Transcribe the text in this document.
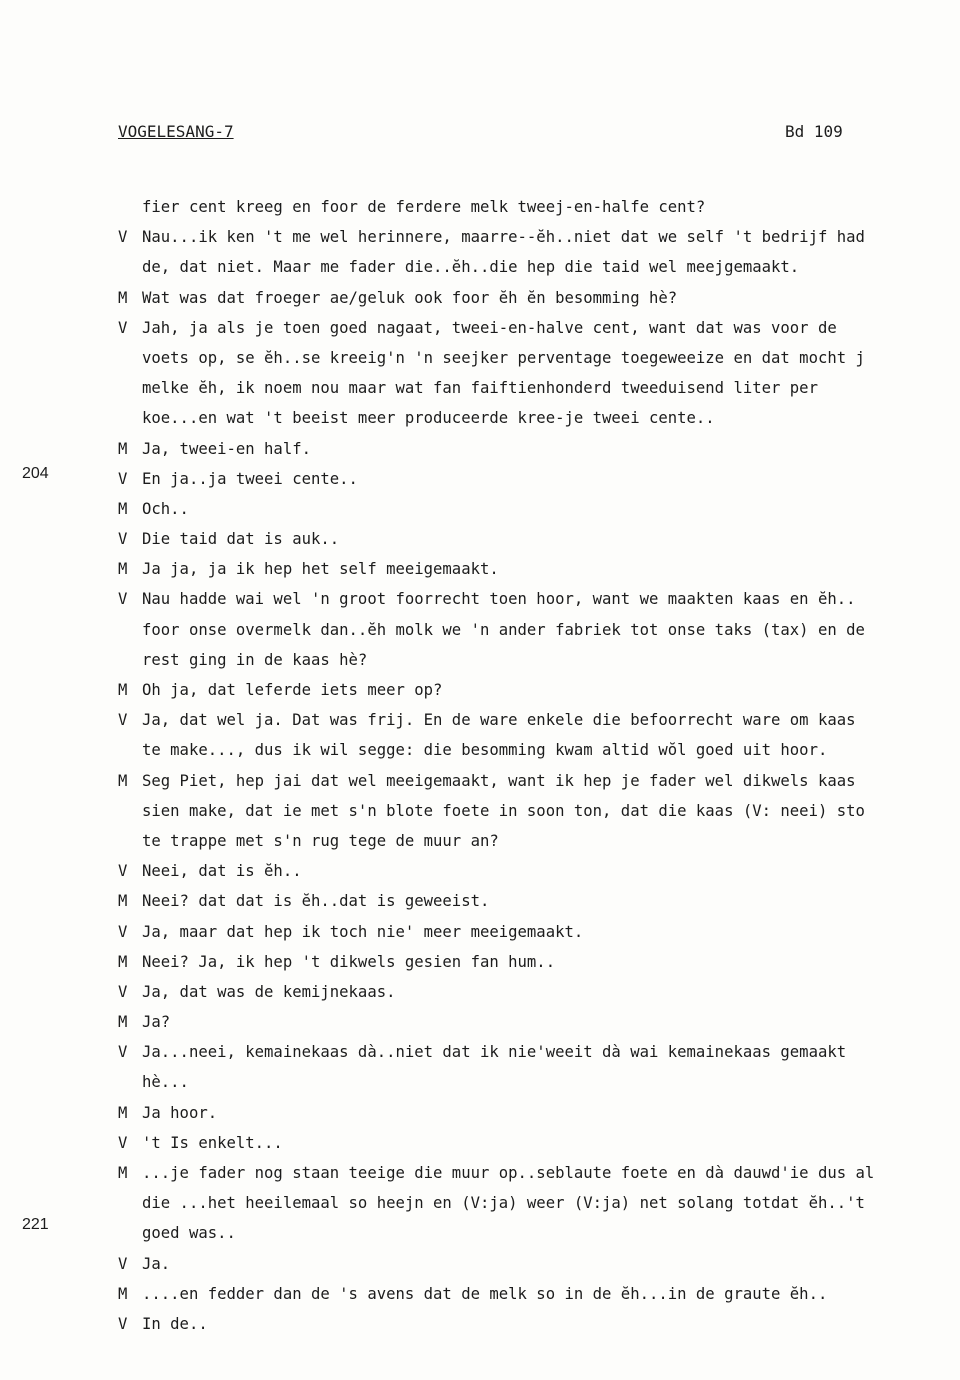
VOGELESANG-7	Bd 109
204
221
fier cent kreeg en foor de ferdere melk tweej-en-halfe cent?
V Nau...ik ken 't me wel herinnere, maarre--ĕh..niet dat we self 't bedrijf had
de, dat niet. Maar me fader die..ĕh..die hep die taid wel meejgemaakt.
M Wat was dat froeger ae/geluk ook foor ĕh ĕn besomming hè?
V Jah, ja als je toen goed nagaat, tweei-en-halve cent, want dat was voor de
voets op, se ĕh..se kreeig'n 'n seejker perventage toegeweeize en dat mocht j
melke ĕh, ik noem nou maar wat fan faiftienhonderd tweeduisend liter per
koe...en wat 't beeist meer produceerde kree-je tweei cente..
M Ja, tweei-en half.
V En ja..ja tweei cente..
M Och..
V Die taid dat is auk..
M Ja ja, ja ik hep het self meeigemaakt.
V Nau hadde wai wel 'n groot foorrecht toen hoor, want we maakten kaas en ĕh..
foor onse overmelk dan..ĕh molk we 'n ander fabriek tot onse taks (tax) en de
rest ging in de kaas hè?
M Oh ja, dat leferde iets meer op?
V Ja, dat wel ja. Dat was frij. En de ware enkele die befoorrecht ware om kaas
te make..., dus ik wil segge: die besomming kwam altid wŏl goed uit hoor.
M Seg Piet, hep jai dat wel meeigemaakt, want ik hep je fader wel dikwels kaas
sien make, dat ie met s'n blote foete in soon ton, dat die kaas (V: neei) sto
te trappe met s'n rug tege de muur an?
V Neei, dat is ĕh..
M Neei? dat dat is ĕh..dat is geweeist.
V Ja, maar dat hep ik toch nie' meer meeigemaakt.
M Neei? Ja, ik hep 't dikwels gesien fan hum..
V Ja, dat was de kemijnekaas.
M Ja?
V Ja...neei, kemainekaas dà..niet dat ik nie'weeit dà wai kemainekaas gemaakt
hè...
M Ja hoor.
V 't Is enkelt...
M ...je fader nog staan teeige die muur op..seblaute foete en dà dauwd'ie dus al
die ...het heeilemaal so heejn en (V:ja) weer (V:ja) net solang totdat ĕh..'t
goed was..
V Ja.
M ....en fedder dan de 's avens dat de melk so in de ĕh...in de graute ĕh..
V In de..
